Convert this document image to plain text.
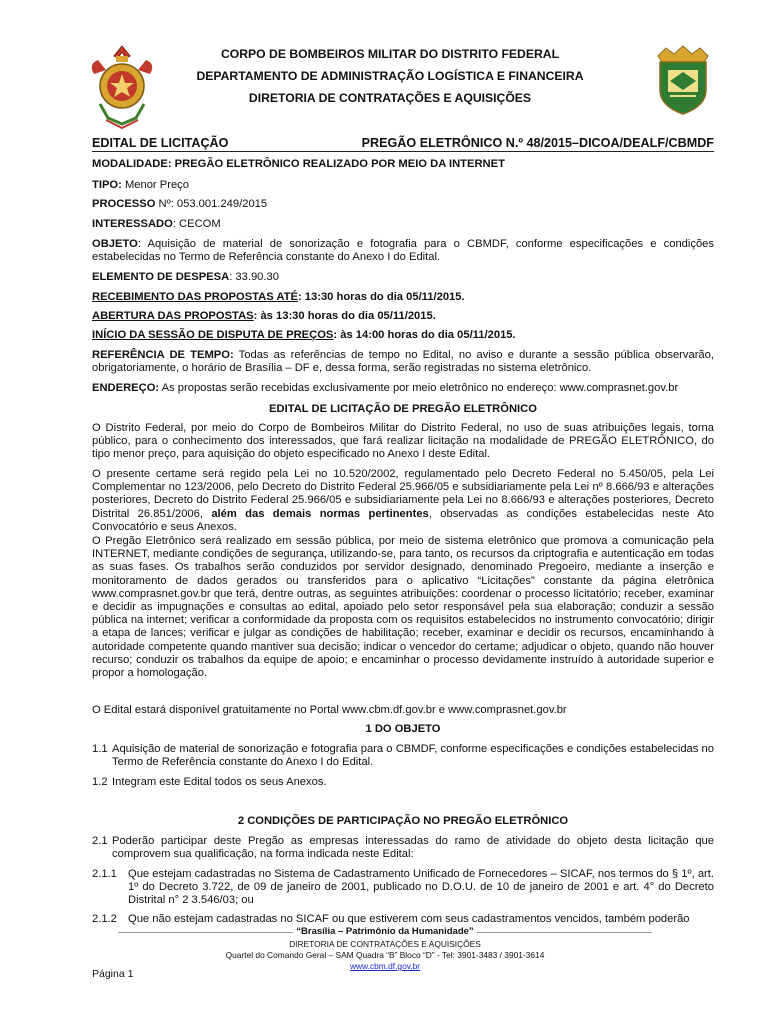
CORPO DE BOMBEIROS MILITAR DO DISTRITO FEDERAL
DEPARTAMENTO DE ADMINISTRAÇÃO LOGÍSTICA E FINANCEIRA
DIRETORIA DE CONTRATAÇÕES E AQUISIÇÕES
EDITAL DE LICITAÇÃO	PREGÃO ELETRÔNICO N.º 48/2015–DICOA/DEALF/CBMDF
MODALIDADE: PREGÃO ELETRÔNICO REALIZADO POR MEIO DA INTERNET
TIPO: Menor Preço
PROCESSO Nº: 053.001.249/2015
INTERESSADO: CECOM
OBJETO: Aquisição de material de sonorização e fotografia para o CBMDF, conforme especificações e condições estabelecidas no Termo de Referência constante do Anexo I do Edital.
ELEMENTO DE DESPESA: 33.90.30
RECEBIMENTO DAS PROPOSTAS ATÉ: 13:30 horas do dia 05/11/2015.
ABERTURA DAS PROPOSTAS: às 13:30 horas do dia 05/11/2015.
INÍCIO DA SESSÃO DE DISPUTA DE PREÇOS: às 14:00 horas do dia 05/11/2015.
REFERÊNCIA DE TEMPO: Todas as referências de tempo no Edital, no aviso e durante a sessão pública observarão, obrigatoriamente, o horário de Brasília – DF e, dessa forma, serão registradas no sistema eletrônico.
ENDEREÇO: As propostas serão recebidas exclusivamente por meio eletrônico no endereço: www.comprasnet.gov.br
EDITAL DE LICITAÇÃO DE PREGÃO ELETRÔNICO
O Distrito Federal, por meio do Corpo de Bombeiros Militar do Distrito Federal, no uso de suas atribuições legais, torna público, para o conhecimento dos interessados, que fará realizar licitação na modalidade de PREGÃO ELETRÔNICO, do tipo menor preço, para aquisição do objeto especificado no Anexo I deste Edital.
O presente certame será regido pela Lei no 10.520/2002, regulamentado pelo Decreto Federal no 5.450/05, pela Lei Complementar no 123/2006, pelo Decreto do Distrito Federal 25.966/05 e subsidiariamente pela Lei nº 8.666/93 e alterações posteriores, Decreto do Distrito Federal 25.966/05 e subsidiariamente pela Lei no 8.666/93 e alterações posteriores, Decreto Distrital 26.851/2006, além das demais normas pertinentes, observadas as condições estabelecidas neste Ato Convocatório e seus Anexos.
O Pregão Eletrônico será realizado em sessão pública, por meio de sistema eletrônico que promova a comunicação pela INTERNET, mediante condições de segurança, utilizando-se, para tanto, os recursos da criptografia e autenticação em todas as suas fases. Os trabalhos serão conduzidos por servidor designado, denominado Pregoeiro, mediante a inserção e monitoramento de dados gerados ou transferidos para o aplicativo “Licitações” constante da página eletrônica www.comprasnet.gov.br que terá, dentre outras, as seguintes atribuições: coordenar o processo licitatório; receber, examinar e decidir as impugnações e consultas ao edital, apoiado pelo setor responsável pela sua elaboração; conduzir a sessão pública na internet; verificar a conformidade da proposta com os requisitos estabelecidos no instrumento convocatório; dirigir a etapa de lances; verificar e julgar as condições de habilitação; receber, examinar e decidir os recursos, encaminhando à autoridade competente quando mantiver sua decisão; indicar o vencedor do certame; adjudicar o objeto, quando não houver recurso; conduzir os trabalhos da equipe de apoio; e encaminhar o processo devidamente instruído à autoridade superior e propor a homologação.
O Edital estará disponível gratuitamente no Portal www.cbm.df.gov.br e www.comprasnet.gov.br
1 DO OBJETO
1.1 Aquisição de material de sonorização e fotografia para o CBMDF, conforme especificações e condições estabelecidas no Termo de Referência constante do Anexo I do Edital.
1.2 Integram este Edital todos os seus Anexos.
2 CONDIÇÕES DE PARTICIPAÇÃO NO PREGÃO ELETRÔNICO
2.1 Poderão participar deste Pregão as empresas interessadas do ramo de atividade do objeto desta licitação que comprovem sua qualificação, na forma indicada neste Edital:
2.1.1 Que estejam cadastradas no Sistema de Cadastramento Unificado de Fornecedores – SICAF, nos termos do § 1º, art. 1º do Decreto 3.722, de 09 de janeiro de 2001, publicado no D.O.U. de 10 de janeiro de 2001 e art. 4° do Decreto Distrital n° 2 3.546/03; ou
2.1.2 Que não estejam cadastradas no SICAF ou que estiverem com seus cadastramentos vencidos, também poderão
“Brasília – Patrimônio da Humanidade”
DIRETORIA DE CONTRATAÇÕES E AQUISIÇÕES
Quartel do Comando Geral – SAM Quadra “B” Bloco “D” - Tel: 3901-3483 / 3901-3614
www.cbm.df.gov.br
Página 1
